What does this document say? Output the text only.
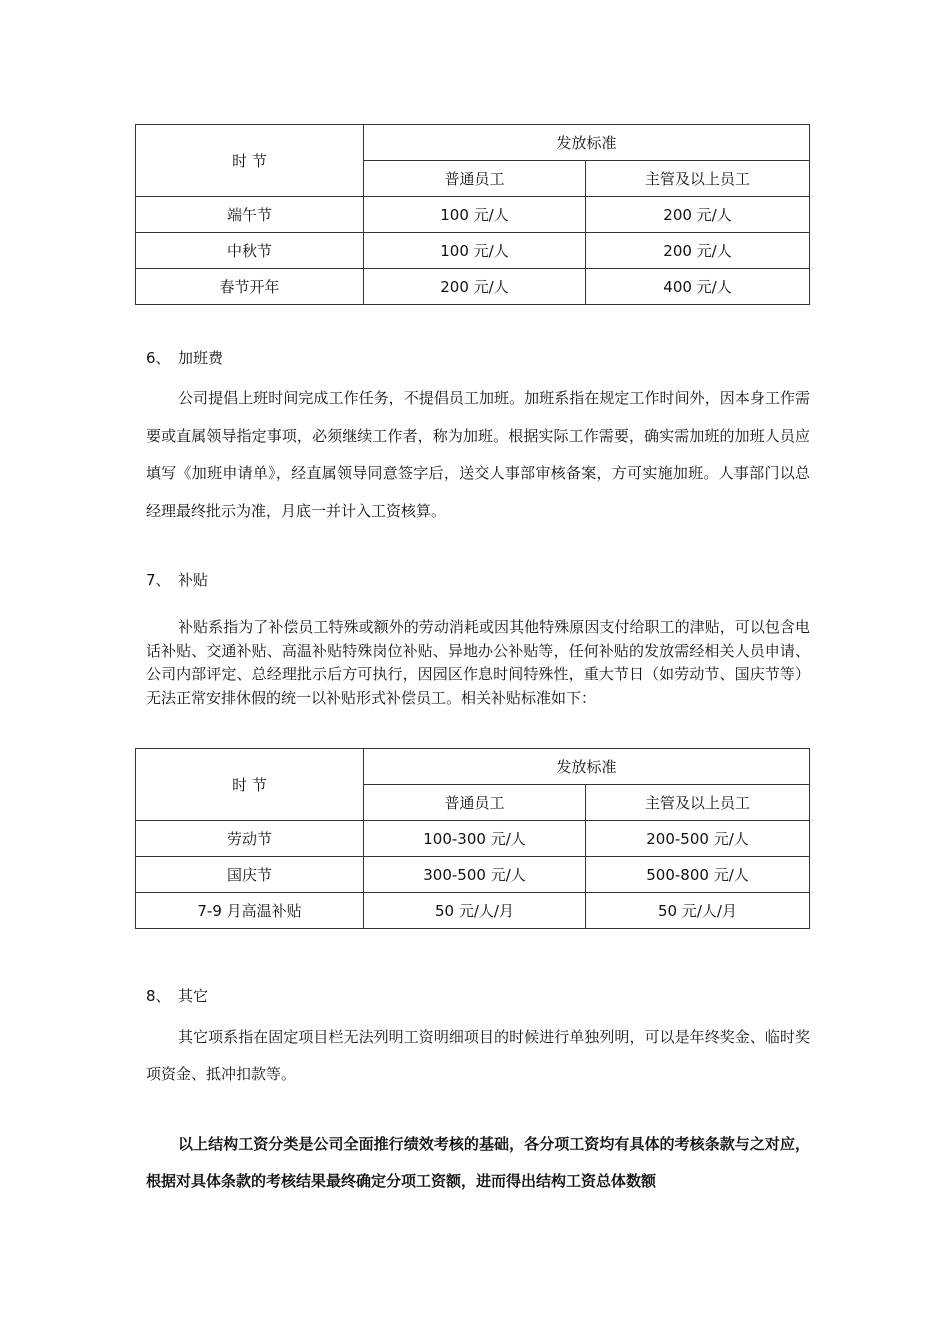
时 节	发放标准	
	普通员工	主管及以上员工
端午节	100 元/人	200 元/人
中秋节	100 元/人	200 元/人
春节开年	200 元/人	400 元/人
6、 加班费

公司提倡上班时间完成工作任务，不提倡员工加班。加班系指在规定工作时间外，因本身工作需要或直属领导指定事项，必须继续工作者，称为加班。根据实际工作需要，确实需加班的加班人员应填写《加班申请单》，经直属领导同意签字后，送交人事部审核备案，方可实施加班。人事部门以总经理最终批示为准，月底一并计入工资核算。

7、 补贴

补贴系指为了补偿员工特殊或额外的劳动消耗或因其他特殊原因支付给职工的津贴，可以包含电话补贴、交通补贴、高温补贴特殊岗位补贴、异地办公补贴等，任何补贴的发放需经相关人员申请、公司内部评定、总经理批示后方可执行，因园区作息时间特殊性，重大节日（如劳动节、国庆节等）无法正常安排休假的统一以补贴形式补偿员工。相关补贴标准如下：

时 节	发放标准	
	普通员工	主管及以上员工
劳动节	100-300 元/人	200-500 元/人
国庆节	300-500 元/人	500-800 元/人
7-9 月高温补贴	50 元/人/月	50 元/人/月
8、 其它

其它项系指在固定项目栏无法列明工资明细项目的时候进行单独列明，可以是年终奖金、临时奖项资金、抵冲扣款等。

以上结构工资分类是公司全面推行绩效考核的基础，各分项工资均有具体的考核条款与之对应，根据对具体条款的考核结果最终确定分项工资额，进而得出结构工资总体数额
